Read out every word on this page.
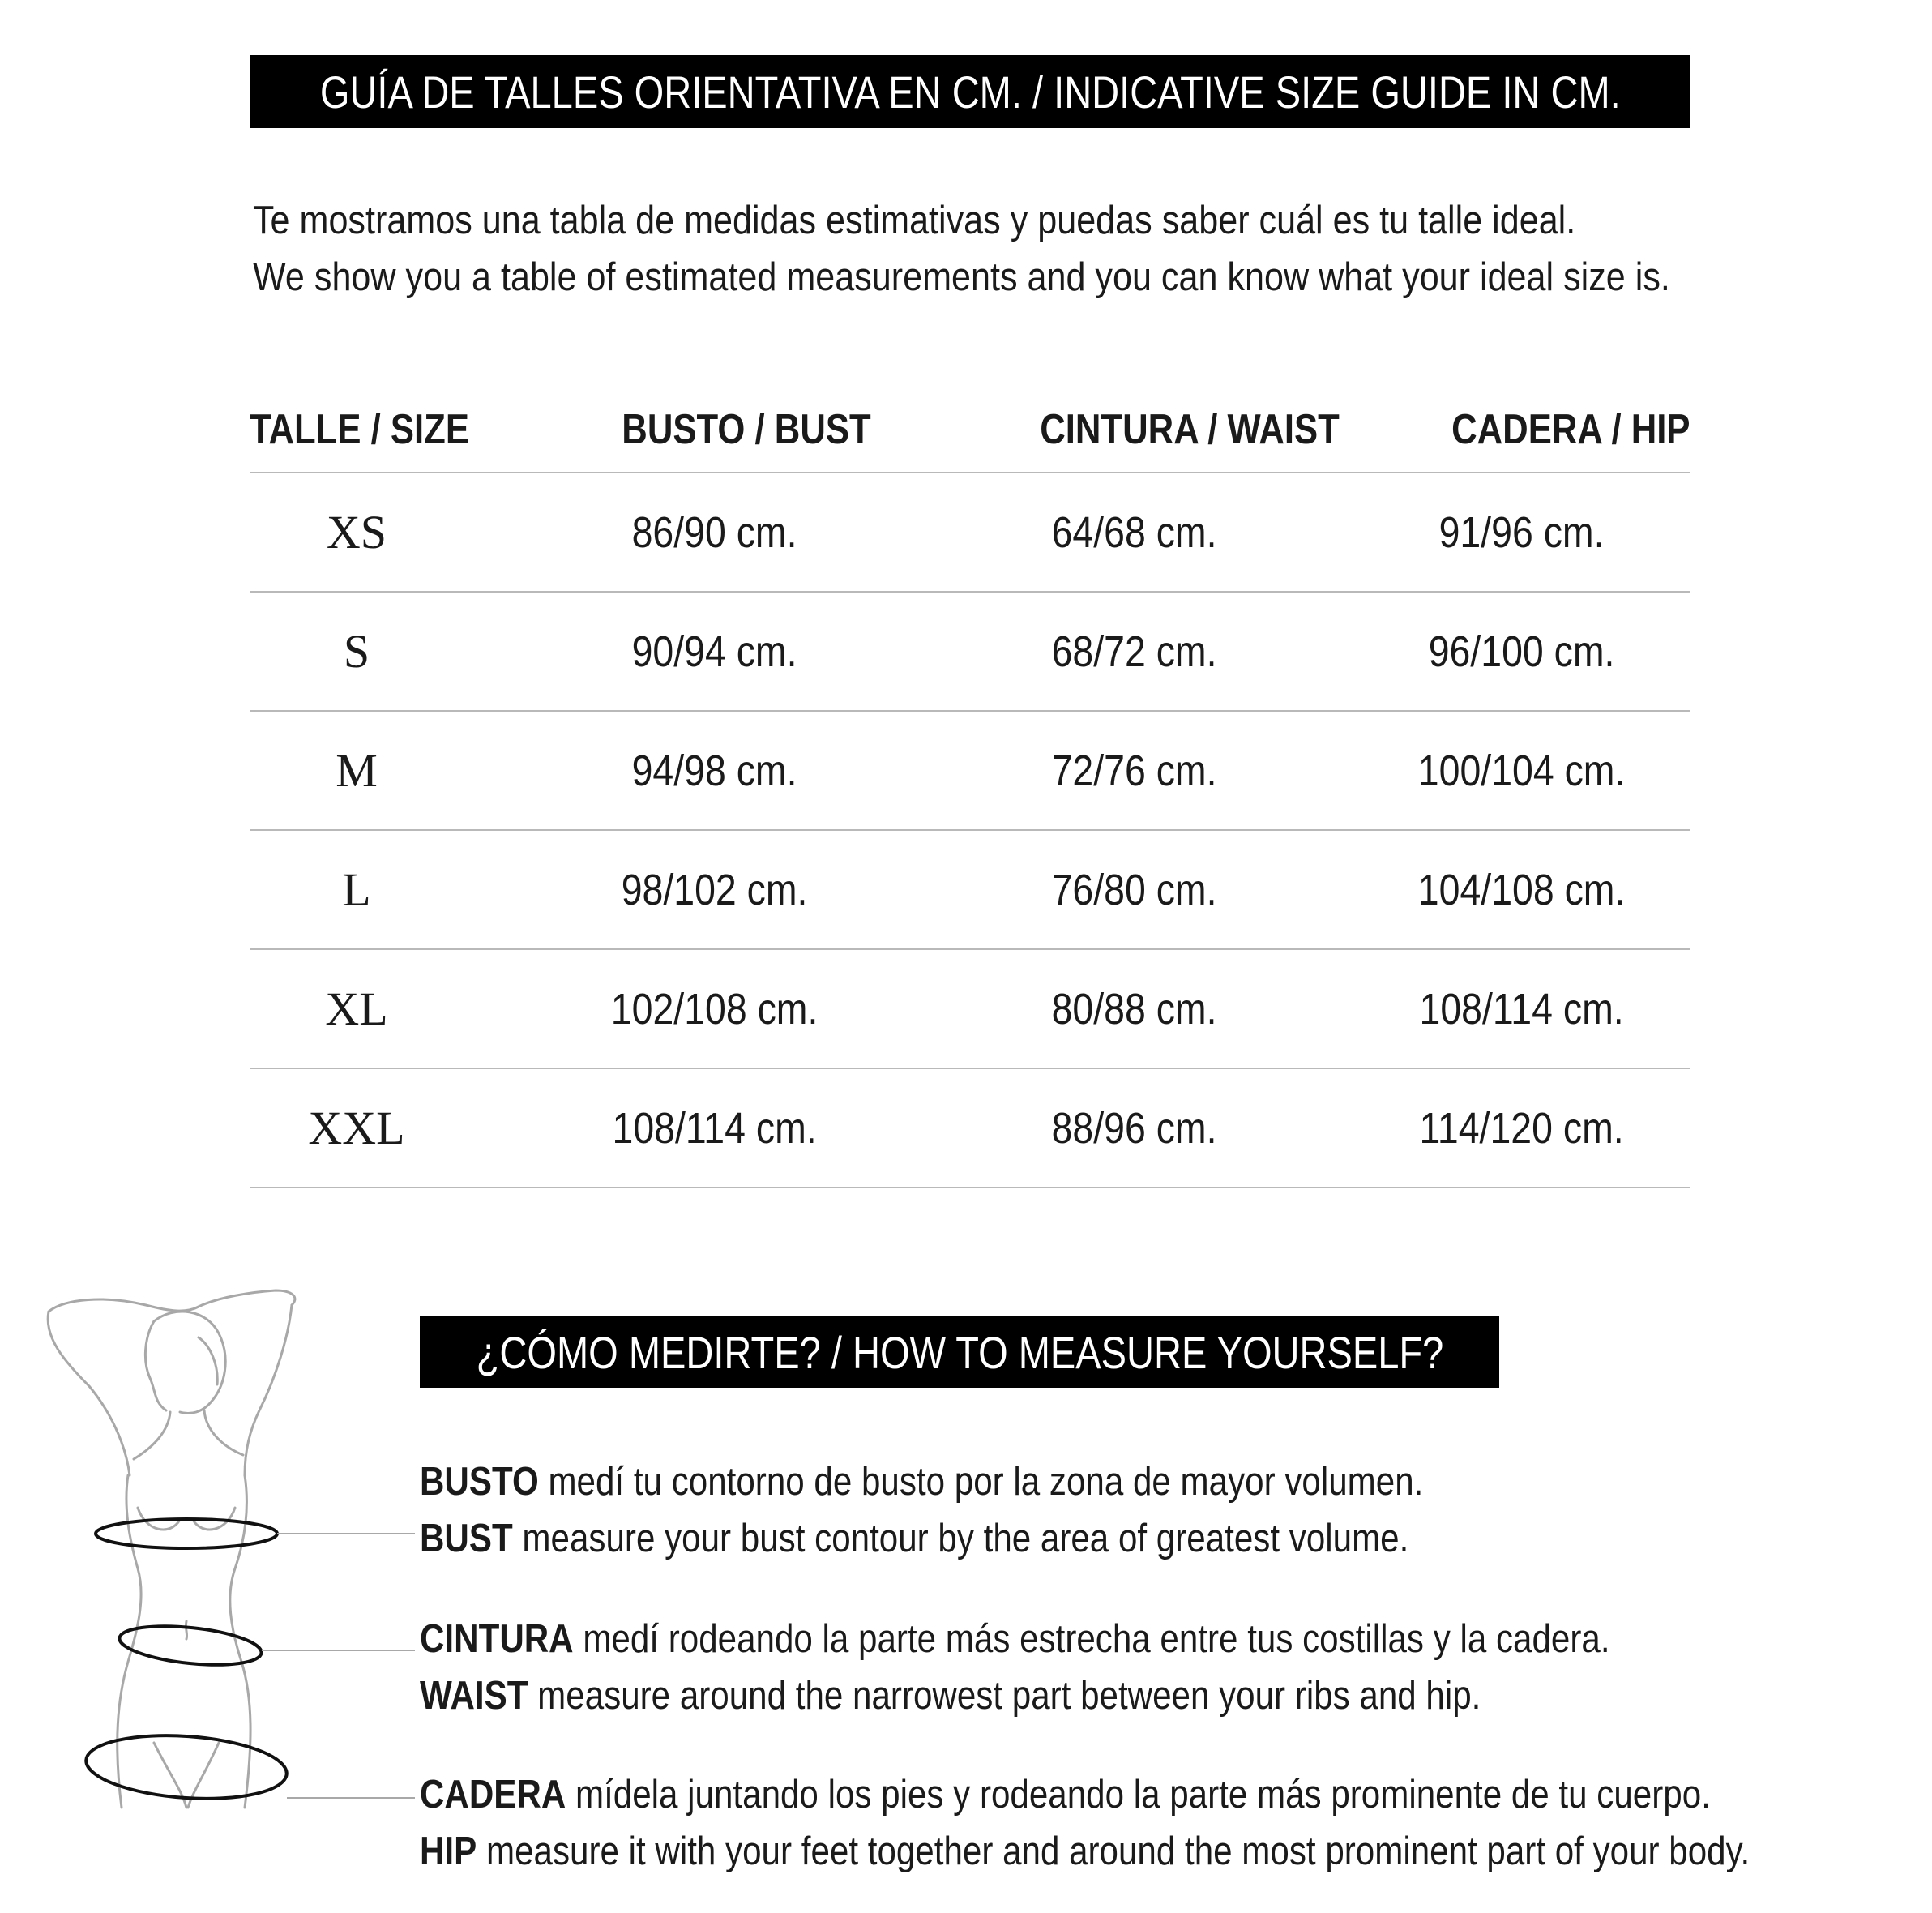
GUÍA DE TALLES ORIENTATIVA EN CM. / INDICATIVE SIZE GUIDE IN CM.
Te mostramos una tabla de medidas estimativas y puedas saber cuál es tu talle ideal.
We show you a table of estimated measurements and you can know what your ideal size is.
TALLE / SIZE	BUSTO / BUST	CINTURA / WAIST	CADERA / HIP
XS	86/90 cm.	64/68 cm.	91/96 cm.
S	90/94 cm.	68/72 cm.	96/100 cm.
M	94/98 cm.	72/76 cm.	100/104 cm.
L	98/102 cm.	76/80 cm.	104/108 cm.
XL	102/108 cm.	80/88 cm.	108/114 cm.
XXL	108/114 cm.	88/96 cm.	114/120 cm.
¿CÓMO MEDIRTE? / HOW TO MEASURE YOURSELF?
BUSTO medí tu contorno de busto por la zona de mayor volumen.
BUST measure your bust contour by the area of greatest volume.
CINTURA medí rodeando la parte más estrecha entre tus costillas y la cadera.
WAIST measure around the narrowest part between your ribs and hip.
CADERA mídela juntando los pies y rodeando la parte más prominente de tu cuerpo.
HIP measure it with your feet together and around the most prominent part of your body.
